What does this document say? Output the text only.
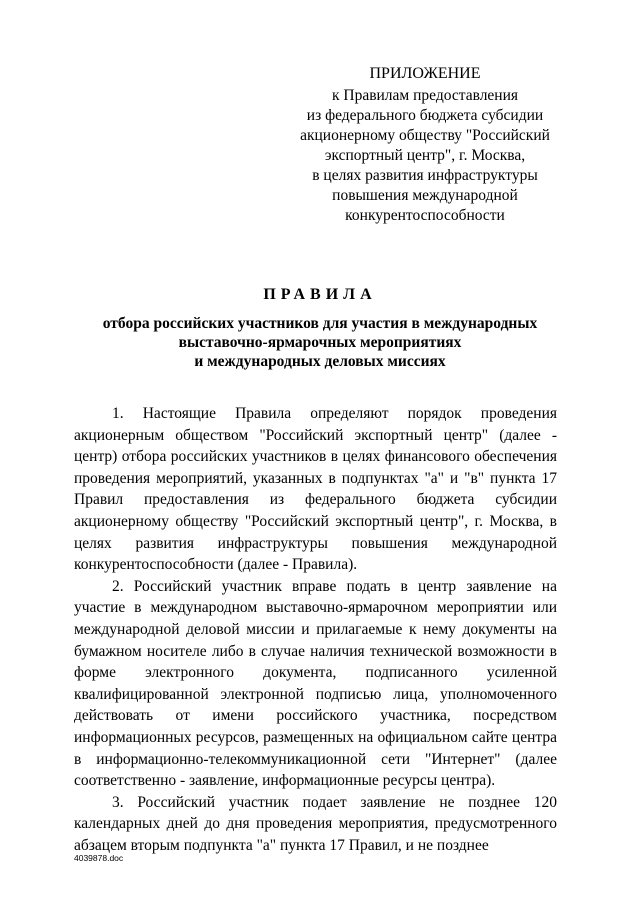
ПРИЛОЖЕНИЕ
к Правилам предоставления
из федерального бюджета субсидии
акционерному обществу "Российский
экспортный центр", г. Москва,
в целях развития инфраструктуры
повышения международной
конкурентоспособности
ПРАВИЛА
отбора российских участников для участия в международных
выставочно-ярмарочных мероприятиях
и международных деловых миссиях

1. Настоящие Правила определяют порядок проведения акционерным обществом "Российский экспортный центр" (далее - центр) отбора российских участников в целях финансового обеспечения проведения мероприятий, указанных в подпунктах "а" и "в" пункта 17 Правил предоставления из федерального бюджета субсидии акционерному обществу "Российский экспортный центр", г. Москва, в целях развития инфраструктуры повышения международной конкурентоспособности (далее - Правила).

2. Российский участник вправе подать в центр заявление на участие в международном выставочно-ярмарочном мероприятии или международной деловой миссии и прилагаемые к нему документы на бумажном носителе либо в случае наличия технической возможности в форме электронного документа, подписанного усиленной квалифицированной электронной подписью лица, уполномоченного действовать от имени российского участника, посредством информационных ресурсов, размещенных на официальном сайте центра в информационно-телекоммуникационной сети "Интернет" (далее соответственно - заявление, информационные ресурсы центра).

3. Российский участник подает заявление не позднее 120 календарных дней до дня проведения мероприятия, предусмотренного абзацем вторым подпункта "а" пункта 17 Правил, и не позднее

4039878.doc
